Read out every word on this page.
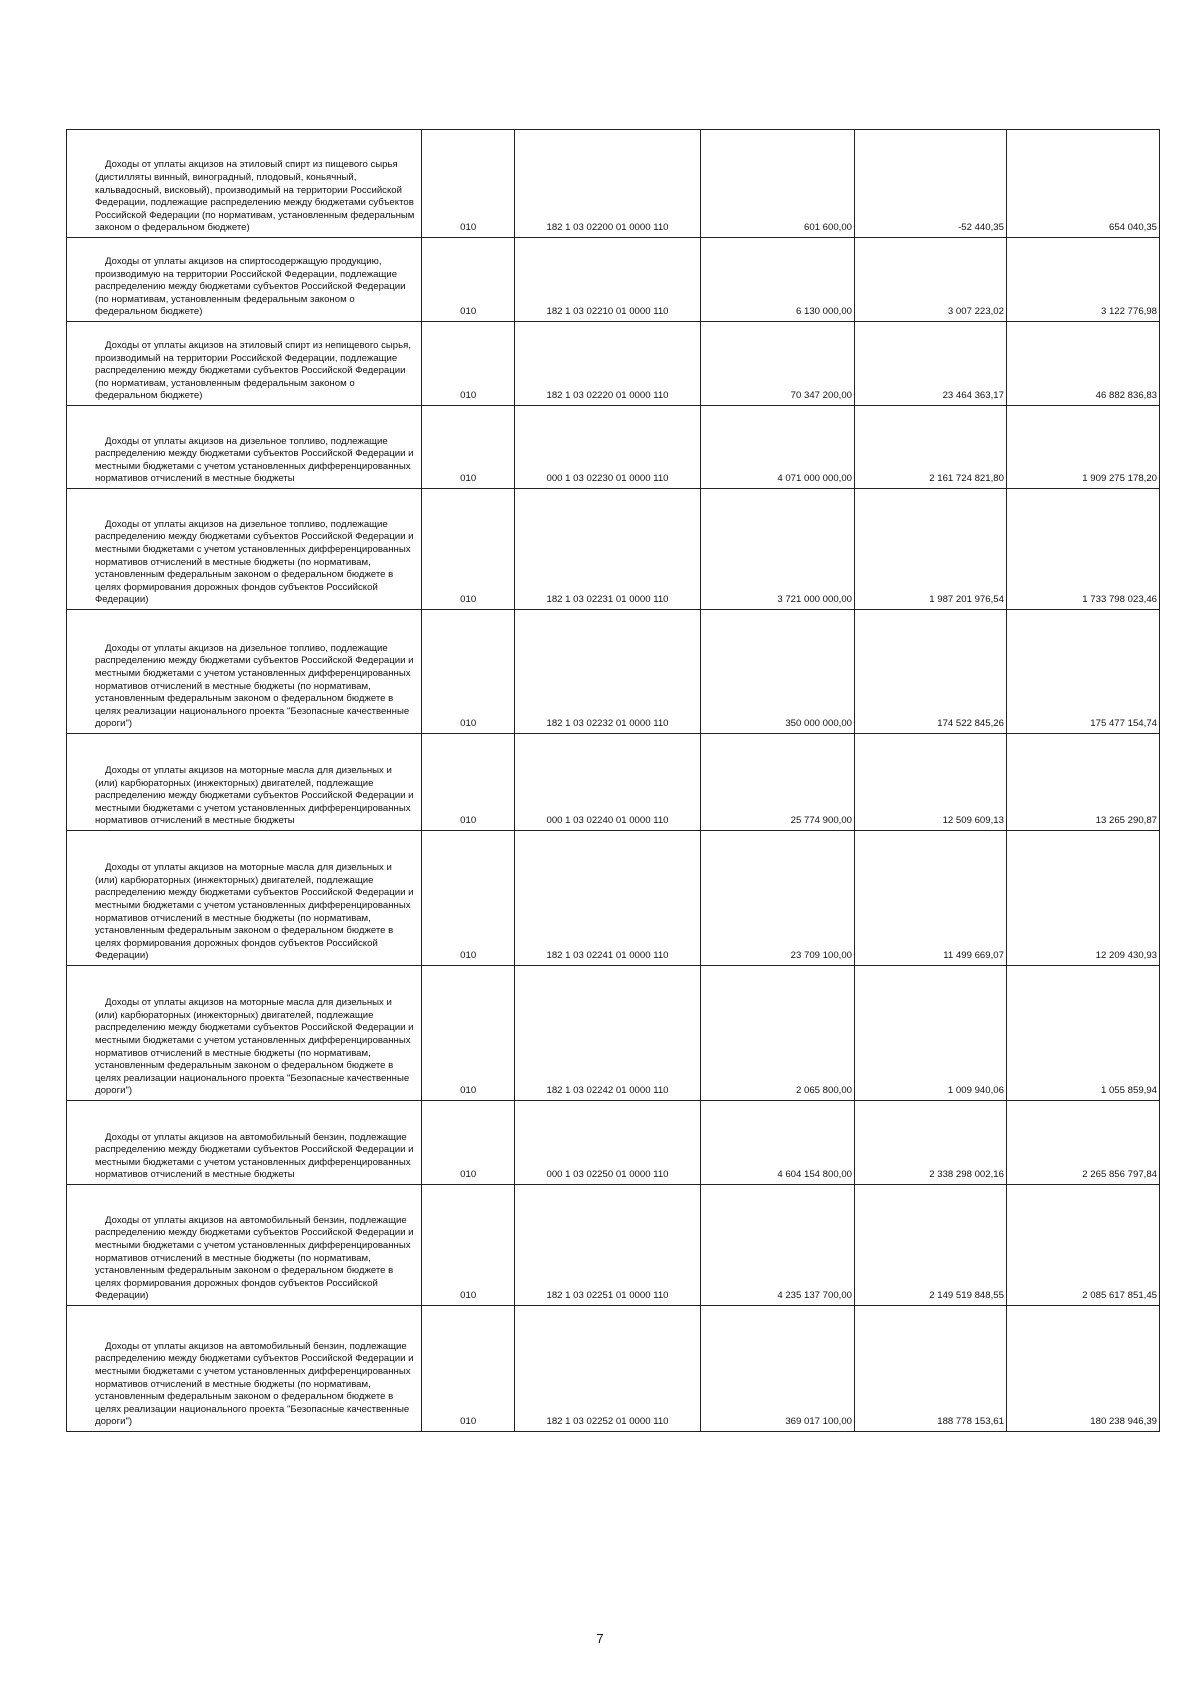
Доходы от уплаты акцизов на этиловый спирт из пищевого сырья (дистилляты винный, виноградный, плодовый, коньячный, кальвадосный, висковый), производимый на территории Российской Федерации, подлежащие распределению между бюджетами субъектов Российской Федерации (по нормативам, установленным федеральным законом о федеральном бюджете)	010	182 1 03 02200 01 0000 110	601 600,00	-52 440,35	654 040,35

Доходы от уплаты акцизов на спиртосодержащую продукцию, производимую на территории Российской Федерации, подлежащие распределению между бюджетами субъектов Российской Федерации (по нормативам, установленным федеральным законом о федеральном бюджете)	010	182 1 03 02210 01 0000 110	6 130 000,00	3 007 223,02	3 122 776,98

Доходы от уплаты акцизов на этиловый спирт из непищевого сырья, производимый на территории Российской Федерации, подлежащие распределению между бюджетами субъектов Российской Федерации (по нормативам, установленным федеральным законом о федеральном бюджете)	010	182 1 03 02220 01 0000 110	70 347 200,00	23 464 363,17	46 882 836,83

Доходы от уплаты акцизов на дизельное топливо, подлежащие распределению между бюджетами субъектов Российской Федерации и местными бюджетами с учетом установленных дифференцированных нормативов отчислений в местные бюджеты	010	000 1 03 02230 01 0000 110	4 071 000 000,00	2 161 724 821,80	1 909 275 178,20

Доходы от уплаты акцизов на дизельное топливо, подлежащие распределению между бюджетами субъектов Российской Федерации и местными бюджетами с учетом установленных дифференцированных нормативов отчислений в местные бюджеты (по нормативам, установленным федеральным законом о федеральном бюджете в целях формирования дорожных фондов субъектов Российской Федерации)	010	182 1 03 02231 01 0000 110	3 721 000 000,00	1 987 201 976,54	1 733 798 023,46

Доходы от уплаты акцизов на дизельное топливо, подлежащие распределению между бюджетами субъектов Российской Федерации и местными бюджетами с учетом установленных дифференцированных нормативов отчислений в местные бюджеты (по нормативам, установленным федеральным законом о федеральном бюджете в целях реализации национального проекта "Безопасные качественные дороги")	010	182 1 03 02232 01 0000 110	350 000 000,00	174 522 845,26	175 477 154,74

Доходы от уплаты акцизов на моторные масла для дизельных и (или) карбюраторных (инжекторных) двигателей, подлежащие распределению между бюджетами субъектов Российской Федерации и местными бюджетами с учетом установленных дифференцированных нормативов отчислений в местные бюджеты	010	000 1 03 02240 01 0000 110	25 774 900,00	12 509 609,13	13 265 290,87

Доходы от уплаты акцизов на моторные масла для дизельных и (или) карбюраторных (инжекторных) двигателей, подлежащие распределению между бюджетами субъектов Российской Федерации и местными бюджетами с учетом установленных дифференцированных нормативов отчислений в местные бюджеты (по нормативам, установленным федеральным законом о федеральном бюджете в целях формирования дорожных фондов субъектов Российской Федерации)	010	182 1 03 02241 01 0000 110	23 709 100,00	11 499 669,07	12 209 430,93

Доходы от уплаты акцизов на моторные масла для дизельных и (или) карбюраторных (инжекторных) двигателей, подлежащие распределению между бюджетами субъектов Российской Федерации и местными бюджетами с учетом установленных дифференцированных нормативов отчислений в местные бюджеты (по нормативам, установленным федеральным законом о федеральном бюджете в целях реализации национального проекта "Безопасные качественные дороги")	010	182 1 03 02242 01 0000 110	2 065 800,00	1 009 940,06	1 055 859,94

Доходы от уплаты акцизов на автомобильный бензин, подлежащие распределению между бюджетами субъектов Российской Федерации и местными бюджетами с учетом установленных дифференцированных нормативов отчислений в местные бюджеты	010	000 1 03 02250 01 0000 110	4 604 154 800,00	2 338 298 002,16	2 265 856 797,84

Доходы от уплаты акцизов на автомобильный бензин, подлежащие распределению между бюджетами субъектов Российской Федерации и местными бюджетами с учетом установленных дифференцированных нормативов отчислений в местные бюджеты (по нормативам, установленным федеральным законом о федеральном бюджете в целях формирования дорожных фондов субъектов Российской Федерации)	010	182 1 03 02251 01 0000 110	4 235 137 700,00	2 149 519 848,55	2 085 617 851,45

Доходы от уплаты акцизов на автомобильный бензин, подлежащие распределению между бюджетами субъектов Российской Федерации и местными бюджетами с учетом установленных дифференцированных нормативов отчислений в местные бюджеты (по нормативам, установленным федеральным законом о федеральном бюджете в целях реализации национального проекта "Безопасные качественные дороги")	010	182 1 03 02252 01 0000 110	369 017 100,00	188 778 153,61	180 238 946,39
7
